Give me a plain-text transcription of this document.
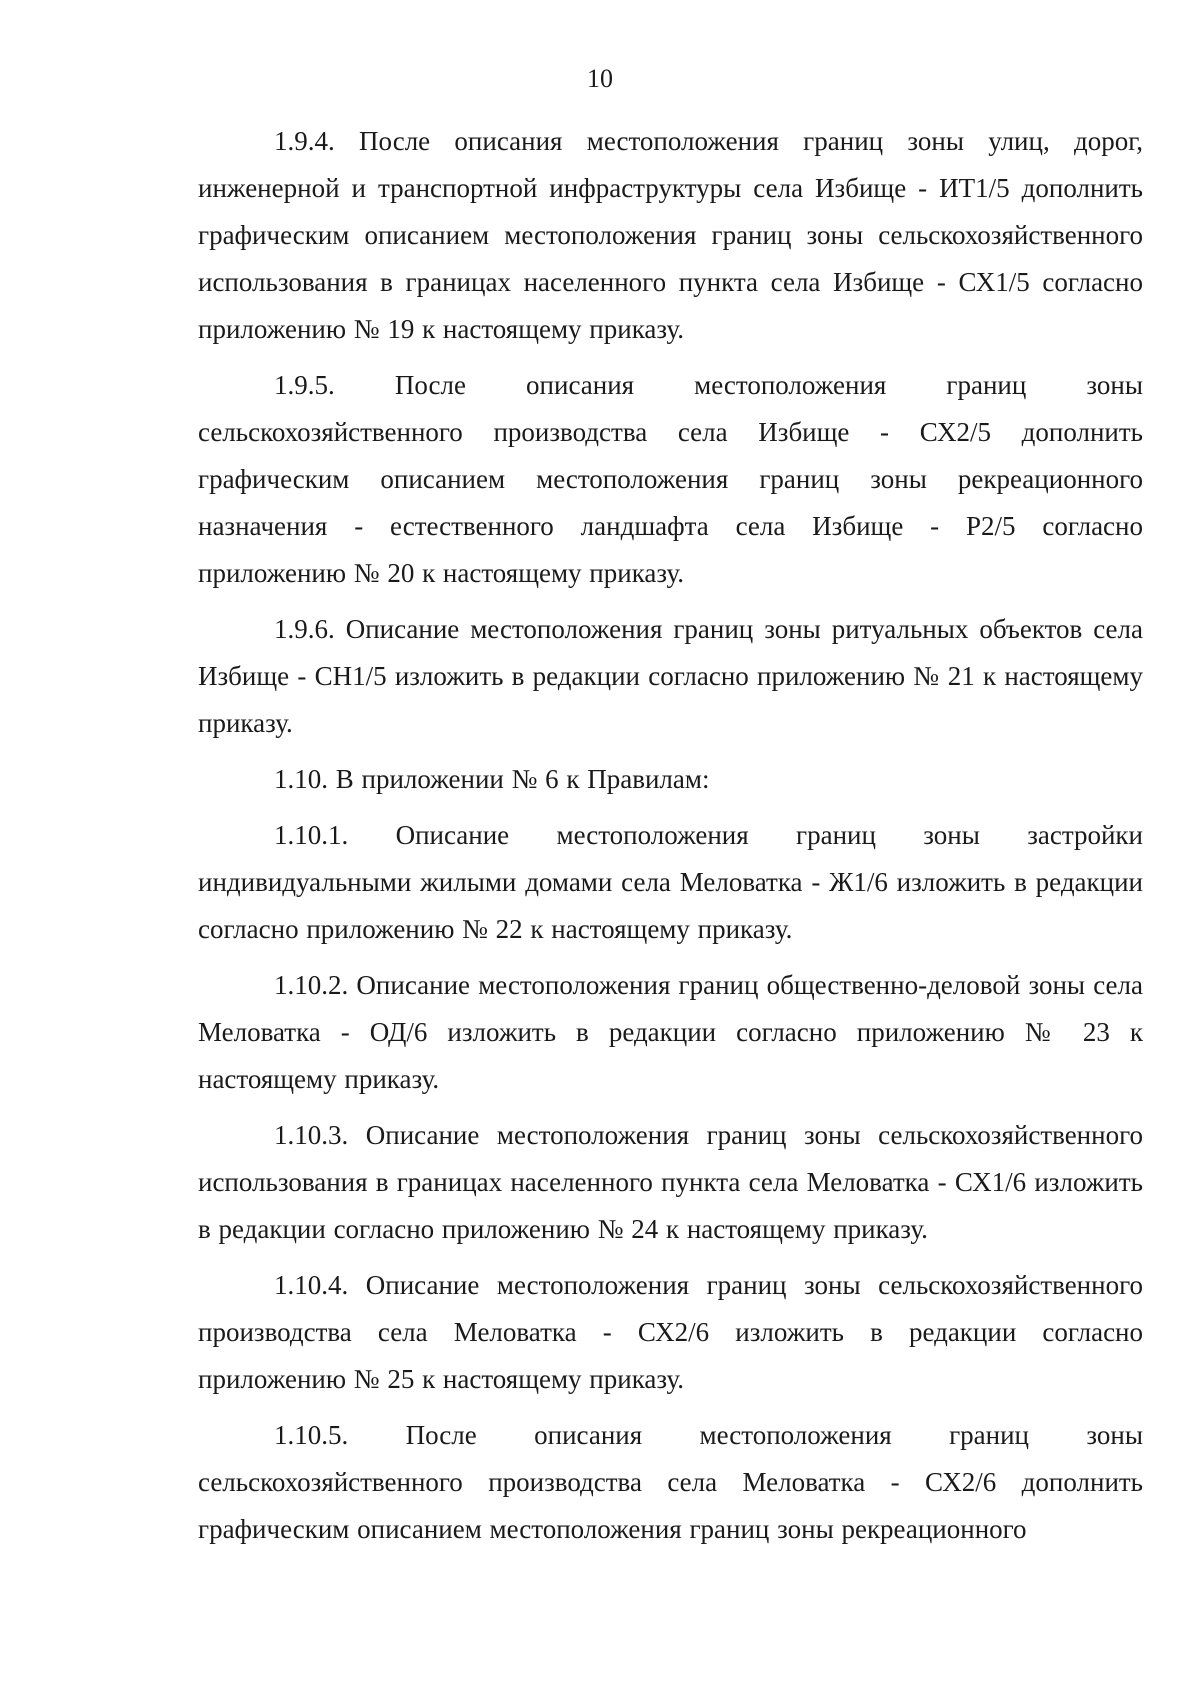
10

1.9.4. После описания местоположения границ зоны улиц, дорог, инженерной и транспортной инфраструктуры села Избище - ИТ1/5 дополнить графическим описанием местоположения границ зоны сельскохозяйственного использования в границах населенного пункта села Избище - СХ1/5 согласно приложению № 19 к настоящему приказу.

1.9.5. После описания местоположения границ зоны сельскохозяйственного производства села Избище - СХ2/5 дополнить графическим описанием местоположения границ зоны рекреационного назначения - естественного ландшафта села Избище - Р2/5 согласно приложению № 20 к настоящему приказу.

1.9.6. Описание местоположения границ зоны ритуальных объектов села Избище - СН1/5 изложить в редакции согласно приложению № 21 к настоящему приказу.

1.10. В приложении № 6 к Правилам:

1.10.1. Описание местоположения границ зоны застройки индивидуальными жилыми домами села Меловатка - Ж1/6 изложить в редакции согласно приложению № 22 к настоящему приказу.

1.10.2. Описание местоположения границ общественно-деловой зоны села Меловатка - ОД/6 изложить в редакции согласно приложению № 23 к настоящему приказу.

1.10.3. Описание местоположения границ зоны сельскохозяйственного использования в границах населенного пункта села Меловатка - СХ1/6 изложить в редакции согласно приложению № 24 к настоящему приказу.

1.10.4. Описание местоположения границ зоны сельскохозяйственного производства села Меловатка - СХ2/6 изложить в редакции согласно приложению № 25 к настоящему приказу.

1.10.5. После описания местоположения границ зоны сельскохозяйственного производства села Меловатка - СХ2/6 дополнить графическим описанием местоположения границ зоны рекреационного
